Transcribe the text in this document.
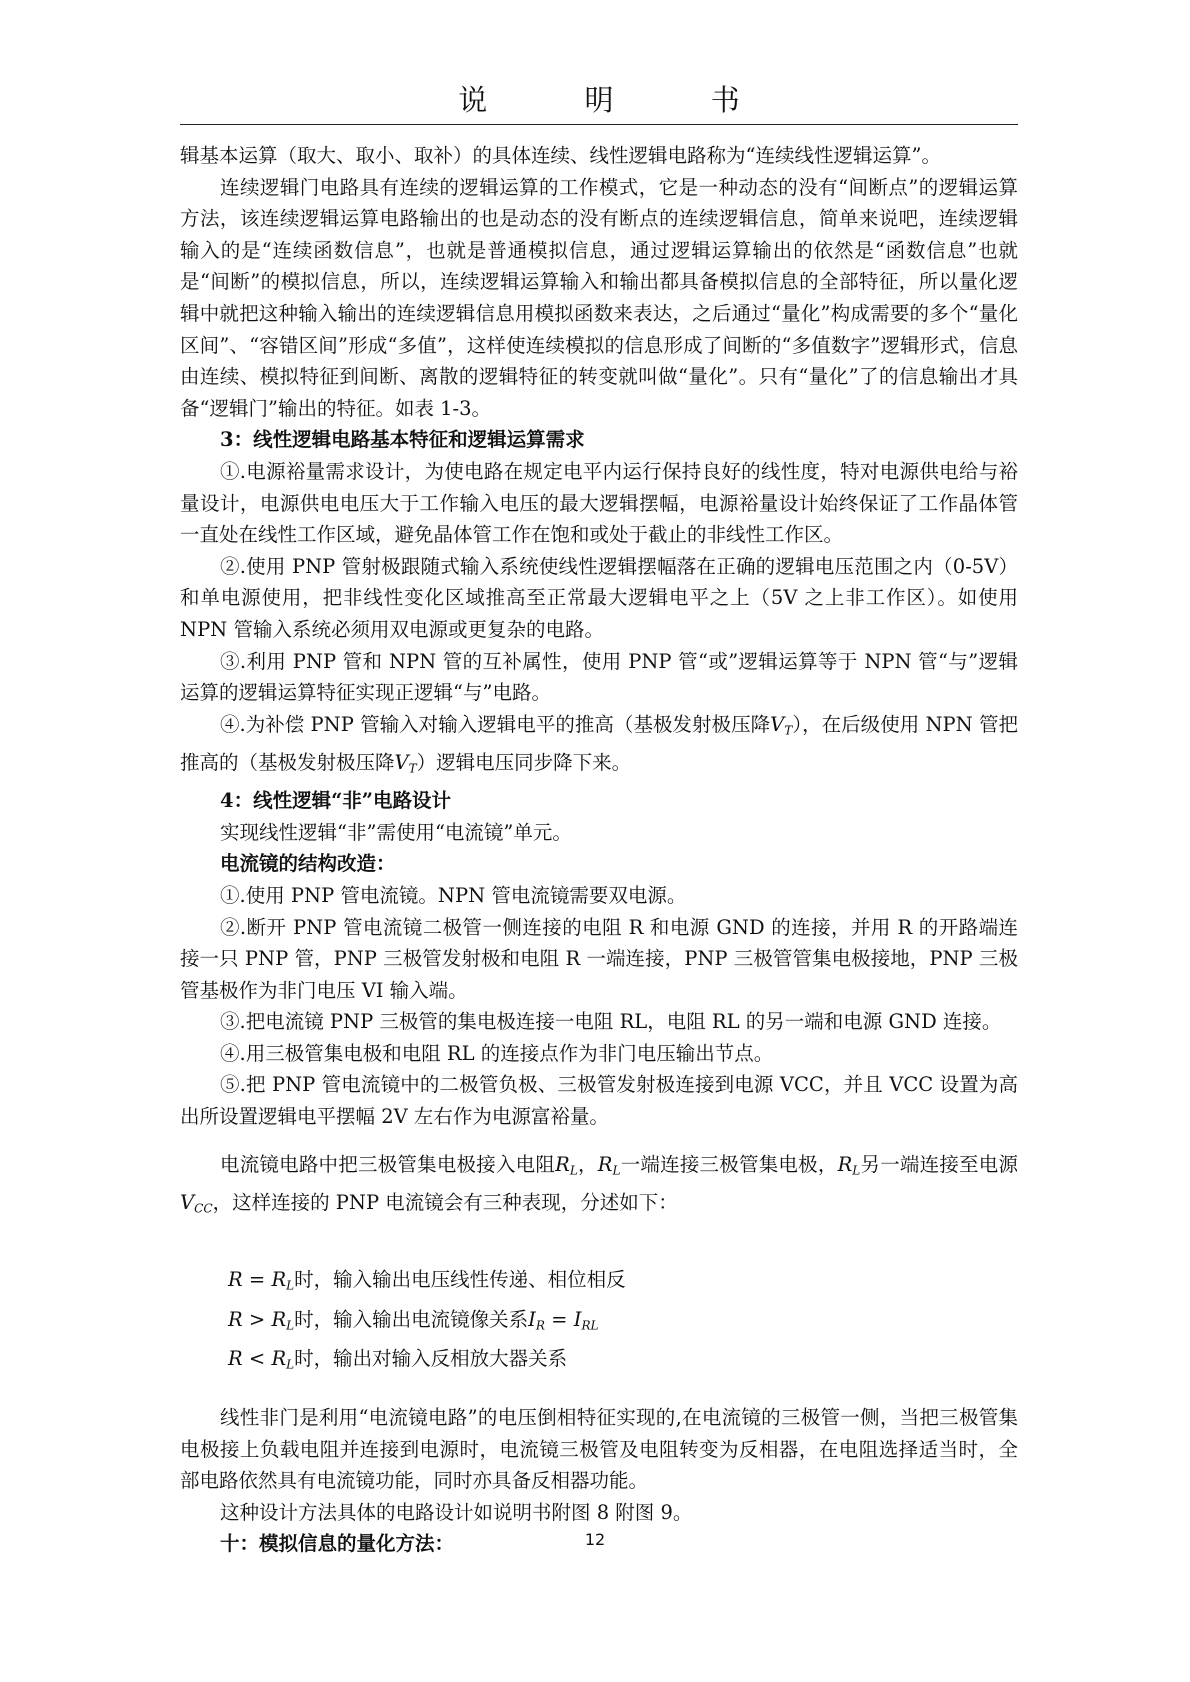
说 明 书

辑基本运算（取大、取小、取补）的具体连续、线性逻辑电路称为“连续线性逻辑运算”。

连续逻辑门电路具有连续的逻辑运算的工作模式，它是一种动态的没有“间断点”的逻辑运算方法，该连续逻辑运算电路输出的也是动态的没有断点的连续逻辑信息，简单来说吧，连续逻辑输入的是“连续函数信息”，也就是普通模拟信息，通过逻辑运算输出的依然是“函数信息”也就是“间断”的模拟信息，所以，连续逻辑运算输入和输出都具备模拟信息的全部特征，所以量化逻辑中就把这种输入输出的连续逻辑信息用模拟函数来表达，之后通过“量化”构成需要的多个“量化区间”、“容错区间”形成“多值”，这样使连续模拟的信息形成了间断的“多值数字”逻辑形式，信息由连续、模拟特征到间断、离散的逻辑特征的转变就叫做“量化”。只有“量化”了的信息输出才具备“逻辑门”输出的特征。如表 1-3。

3：线性逻辑电路基本特征和逻辑运算需求

①.电源裕量需求设计，为使电路在规定电平内运行保持良好的线性度，特对电源供电给与裕量设计，电源供电电压大于工作输入电压的最大逻辑摆幅，电源裕量设计始终保证了工作晶体管一直处在线性工作区域，避免晶体管工作在饱和或处于截止的非线性工作区。

②.使用 PNP 管射极跟随式输入系统使线性逻辑摆幅落在正确的逻辑电压范围之内（0-5V）和单电源使用，把非线性变化区域推高至正常最大逻辑电平之上（5V 之上非工作区）。如使用 NPN 管输入系统必须用双电源或更复杂的电路。

③.利用 PNP 管和 NPN 管的互补属性，使用 PNP 管“或”逻辑运算等于 NPN 管“与”逻辑运算的逻辑运算特征实现正逻辑“与”电路。

④.为补偿 PNP 管输入对输入逻辑电平的推高（基极发射极压降$V_T$），在后级使用 NPN 管把推高的（基极发射极压降$V_T$）逻辑电压同步降下来。

4：线性逻辑“非”电路设计

实现线性逻辑“非”需使用“电流镜”单元。

电流镜的结构改造：

①.使用 PNP 管电流镜。NPN 管电流镜需要双电源。

②.断开 PNP 管电流镜二极管一侧连接的电阻 R 和电源 GND 的连接，并用 R 的开路端连接一只 PNP 管，PNP 三极管发射极和电阻 R 一端连接，PNP 三极管管集电极接地，PNP 三极管基极作为非门电压 VI 输入端。

③.把电流镜 PNP 三极管的集电极连接一电阻 RL，电阻 RL 的另一端和电源 GND 连接。

④.用三极管集电极和电阻 RL 的连接点作为非门电压输出节点。

⑤.把 PNP 管电流镜中的二极管负极、三极管发射极连接到电源 VCC，并且 VCC 设置为高出所设置逻辑电平摆幅 2V 左右作为电源富裕量。

电流镜电路中把三极管集电极接入电阻$R_L$，$R_L$一端连接三极管集电极，$R_L$另一端连接至电源$V_{CC}$，这样连接的 PNP 电流镜会有三种表现，分述如下：

$R = R_L$时，输入输出电压线性传递、相位相反

$R > R_L$时，输入输出电流镜像关系$I_R = I_{RL}$

$R < R_L$时，输出对输入反相放大器关系

线性非门是利用“电流镜电路”的电压倒相特征实现的,在电流镜的三极管一侧，当把三极管集电极接上负载电阻并连接到电源时，电流镜三极管及电阻转变为反相器，在电阻选择适当时，全部电路依然具有电流镜功能，同时亦具备反相器功能。

这种设计方法具体的电路设计如说明书附图 8 附图 9。

十：模拟信息的量化方法：	12
